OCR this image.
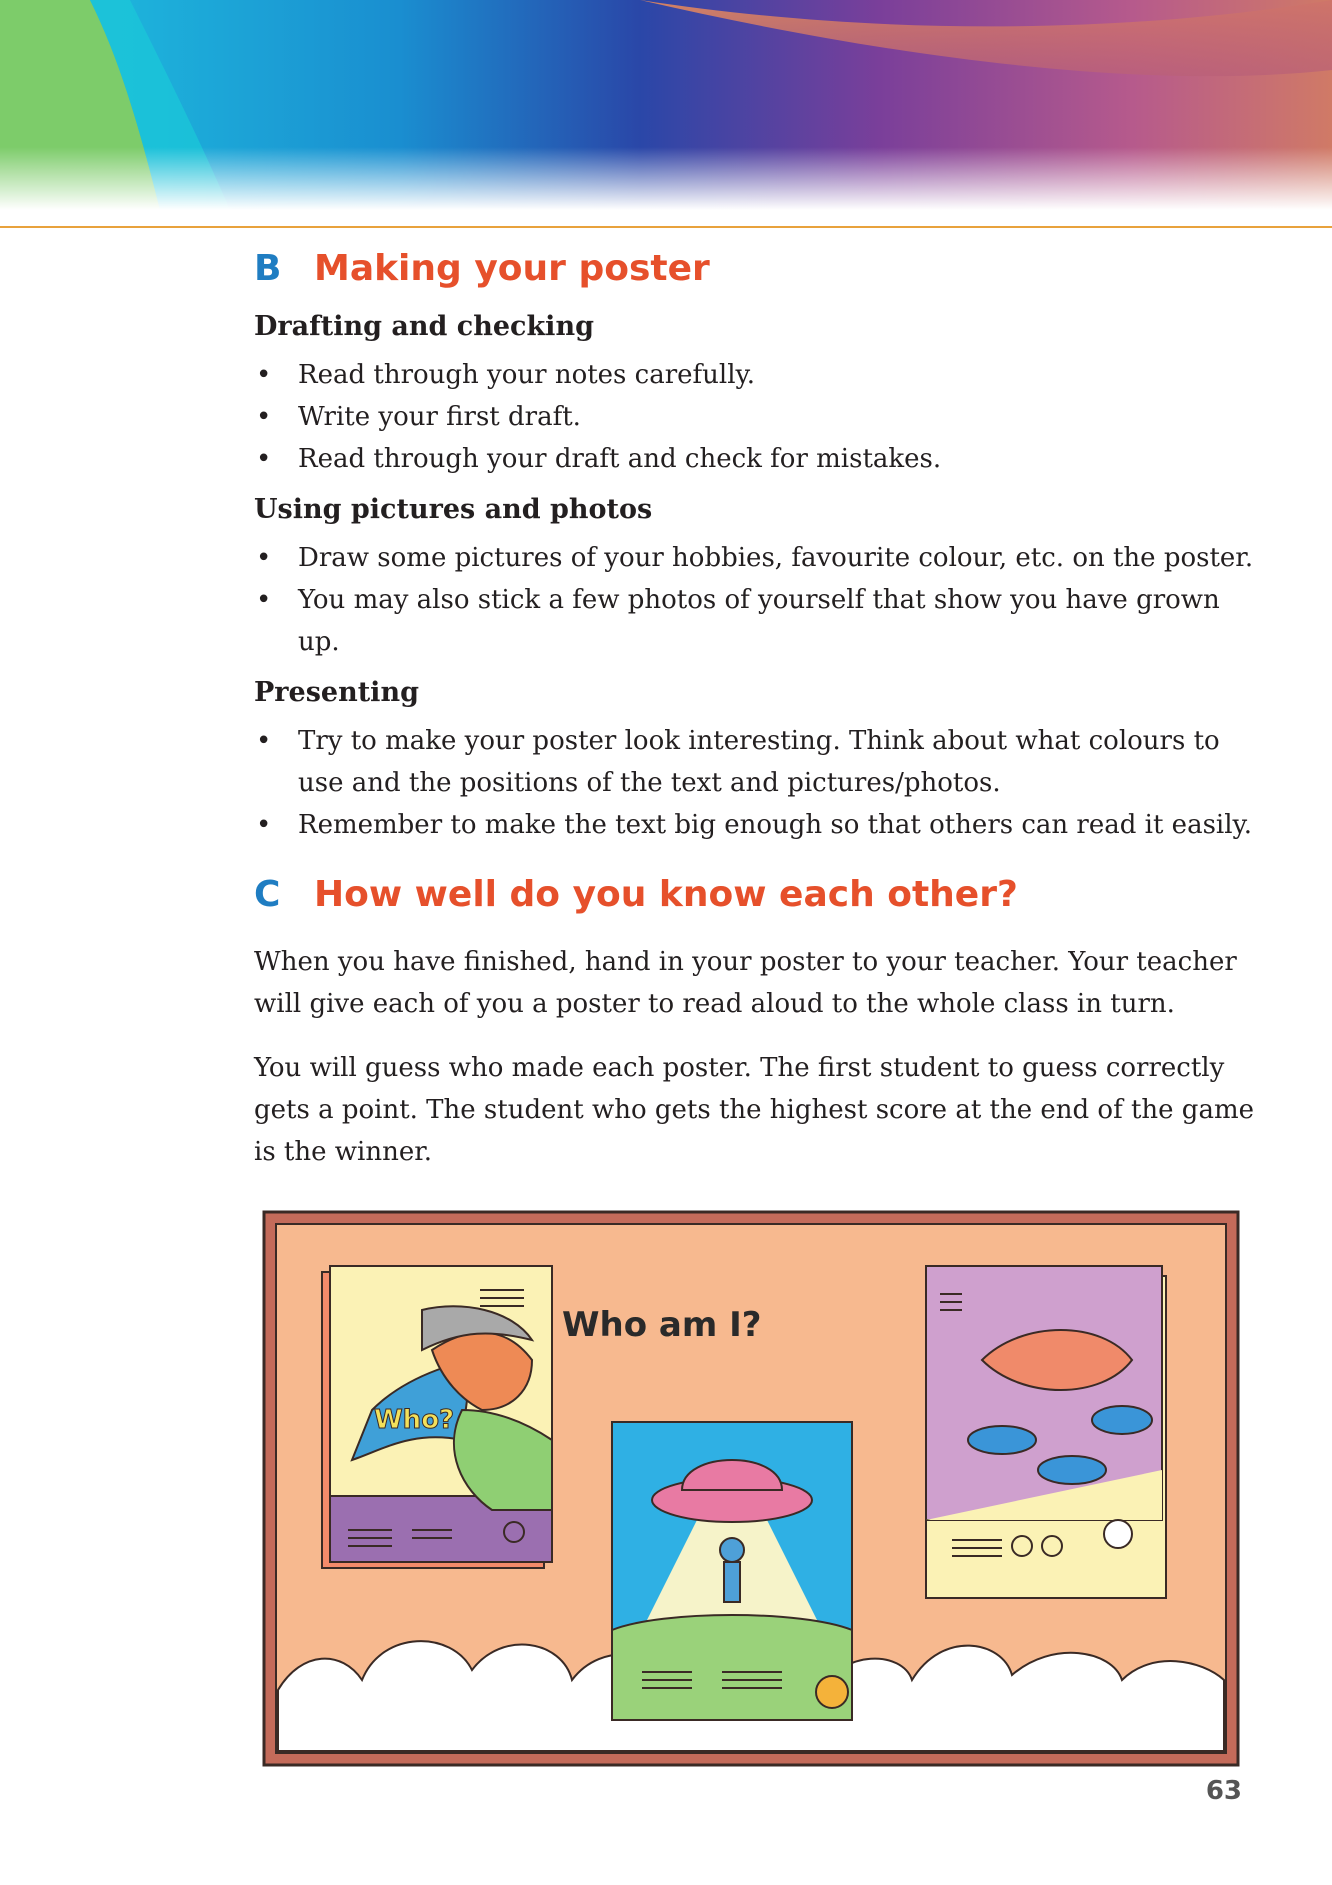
B Making your poster
Drafting and checking
• Read through your notes carefully.
• Write your first draft.
• Read through your draft and check for mistakes.
Using pictures and photos
• Draw some pictures of your hobbies, favourite colour, etc. on the poster.
• You may also stick a few photos of yourself that show you have grown up.
Presenting
• Try to make your poster look interesting. Think about what colours to use and the positions of the text and pictures/photos.
• Remember to make the text big enough so that others can read it easily.
C How well do you know each other?

When you have finished, hand in your poster to your teacher. Your teacher will give each of you a poster to read aloud to the whole class in turn.

You will guess who made each poster. The first student to guess correctly gets a point. The student who gets the highest score at the end of the game is the winner.

Who?
Who am I?
63
